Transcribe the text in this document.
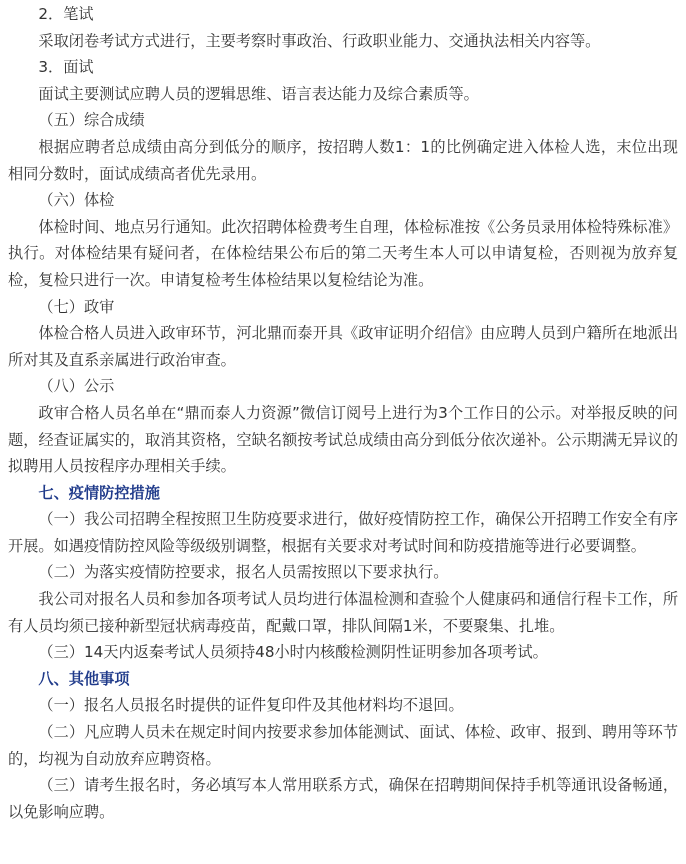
2．笔试

采取闭卷考试方式进行，主要考察时事政治、行政职业能力、交通执法相关内容等。

3．面试

面试主要测试应聘人员的逻辑思维、语言表达能力及综合素质等。

（五）综合成绩

根据应聘者总成绩由高分到低分的顺序，按招聘人数1：1的比例确定进入体检人选，末位出现相同分数时，面试成绩高者优先录用。

（六）体检

体检时间、地点另行通知。此次招聘体检费考生自理，体检标准按《公务员录用体检特殊标准》执行。对体检结果有疑问者，在体检结果公布后的第二天考生本人可以申请复检，否则视为放弃复检，复检只进行一次。申请复检考生体检结果以复检结论为准。

（七）政审

体检合格人员进入政审环节，河北鼎而泰开具《政审证明介绍信》由应聘人员到户籍所在地派出所对其及直系亲属进行政治审查。

（八）公示

政审合格人员名单在“鼎而泰人力资源”微信订阅号上进行为3个工作日的公示。对举报反映的问题，经查证属实的，取消其资格，空缺名额按考试总成绩由高分到低分依次递补。公示期满无异议的拟聘用人员按程序办理相关手续。

七、疫情防控措施

（一）我公司招聘全程按照卫生防疫要求进行，做好疫情防控工作，确保公开招聘工作安全有序开展。如遇疫情防控风险等级级别调整，根据有关要求对考试时间和防疫措施等进行必要调整。

（二）为落实疫情防控要求，报名人员需按照以下要求执行。

我公司对报名人员和参加各项考试人员均进行体温检测和查验个人健康码和通信行程卡工作，所有人员均须已接种新型冠状病毒疫苗，配戴口罩，排队间隔1米，不要聚集、扎堆。

（三）14天内返秦考试人员须持48小时内核酸检测阴性证明参加各项考试。

八、其他事项

（一）报名人员报名时提供的证件复印件及其他材料均不退回。

（二）凡应聘人员未在规定时间内按要求参加体能测试、面试、体检、政审、报到、聘用等环节的，均视为自动放弃应聘资格。

（三）请考生报名时，务必填写本人常用联系方式，确保在招聘期间保持手机等通讯设备畅通，以免影响应聘。
